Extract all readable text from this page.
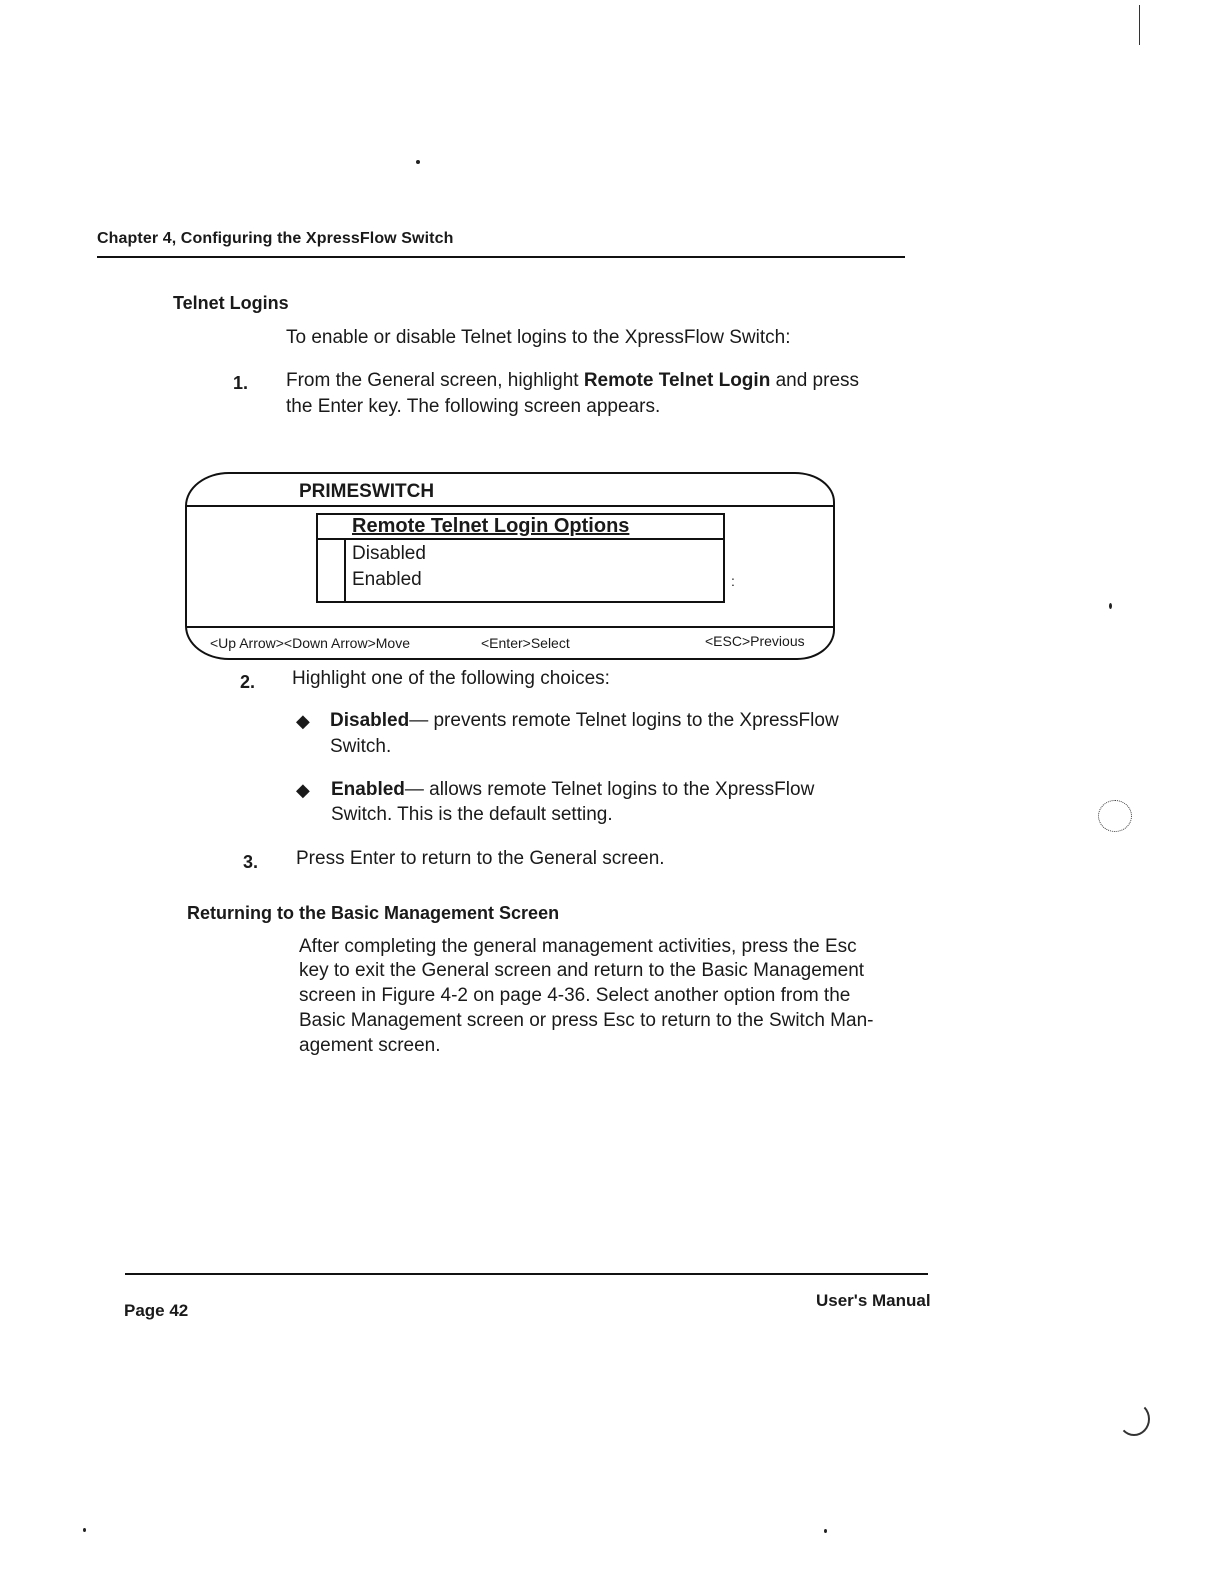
Chapter 4, Configuring the XpressFlow Switch
Telnet Logins
To enable or disable Telnet logins to the XpressFlow Switch:
1. From the General screen, highlight Remote Telnet Login and press
the Enter key. The following screen appears.
PRIMESWITCH
Remote Telnet Login Options
Disabled
Enabled	:
<Up Arrow><Down Arrow>Move	<Enter>Select	<ESC>Previous
2. Highlight one of the following choices:
◆ Disabled— prevents remote Telnet logins to the XpressFlow
Switch.
◆ Enabled— allows remote Telnet logins to the XpressFlow
Switch. This is the default setting.
3. Press Enter to return to the General screen.
Returning to the Basic Management Screen
After completing the general management activities, press the Esc
key to exit the General screen and return to the Basic Management
screen in Figure 4-2 on page 4-36. Select another option from the
Basic Management screen or press Esc to return to the Switch Man-
agement screen.
Page 42
User's Manual
